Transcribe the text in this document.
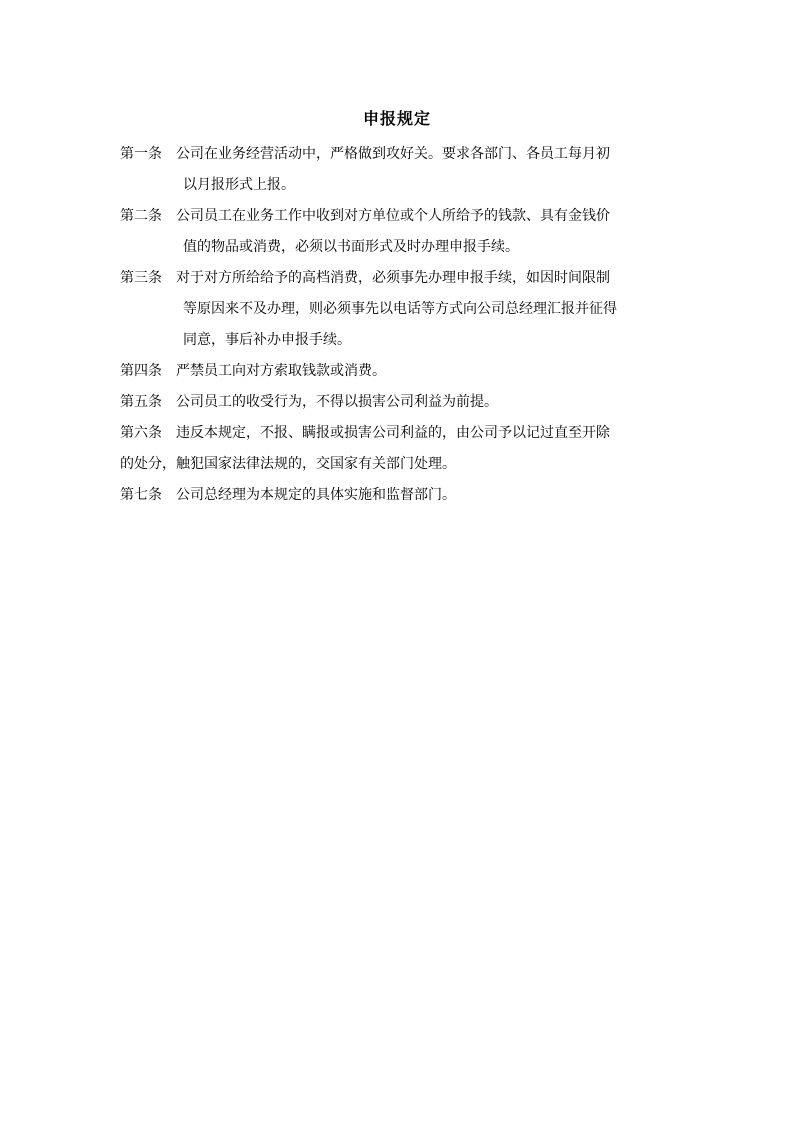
申报规定
第一条	公司在业务经营活动中，严格做到攻好关。要求各部门、各员工每月初
以月报形式上报。
第二条	公司员工在业务工作中收到对方单位或个人所给予的钱款、具有金钱价
值的物品或消费，必须以书面形式及时办理申报手续。
第三条	对于对方所给给予的高档消费，必须事先办理申报手续，如因时间限制
等原因来不及办理，则必须事先以电话等方式向公司总经理汇报并征得
同意，事后补办申报手续。
第四条	严禁员工向对方索取钱款或消费。
第五条	公司员工的收受行为，不得以损害公司利益为前提。
第六条	违反本规定，不报、瞒报或损害公司利益的，由公司予以记过直至开除
的处分，触犯国家法律法规的，交国家有关部门处理。
第七条	公司总经理为本规定的具体实施和监督部门。
